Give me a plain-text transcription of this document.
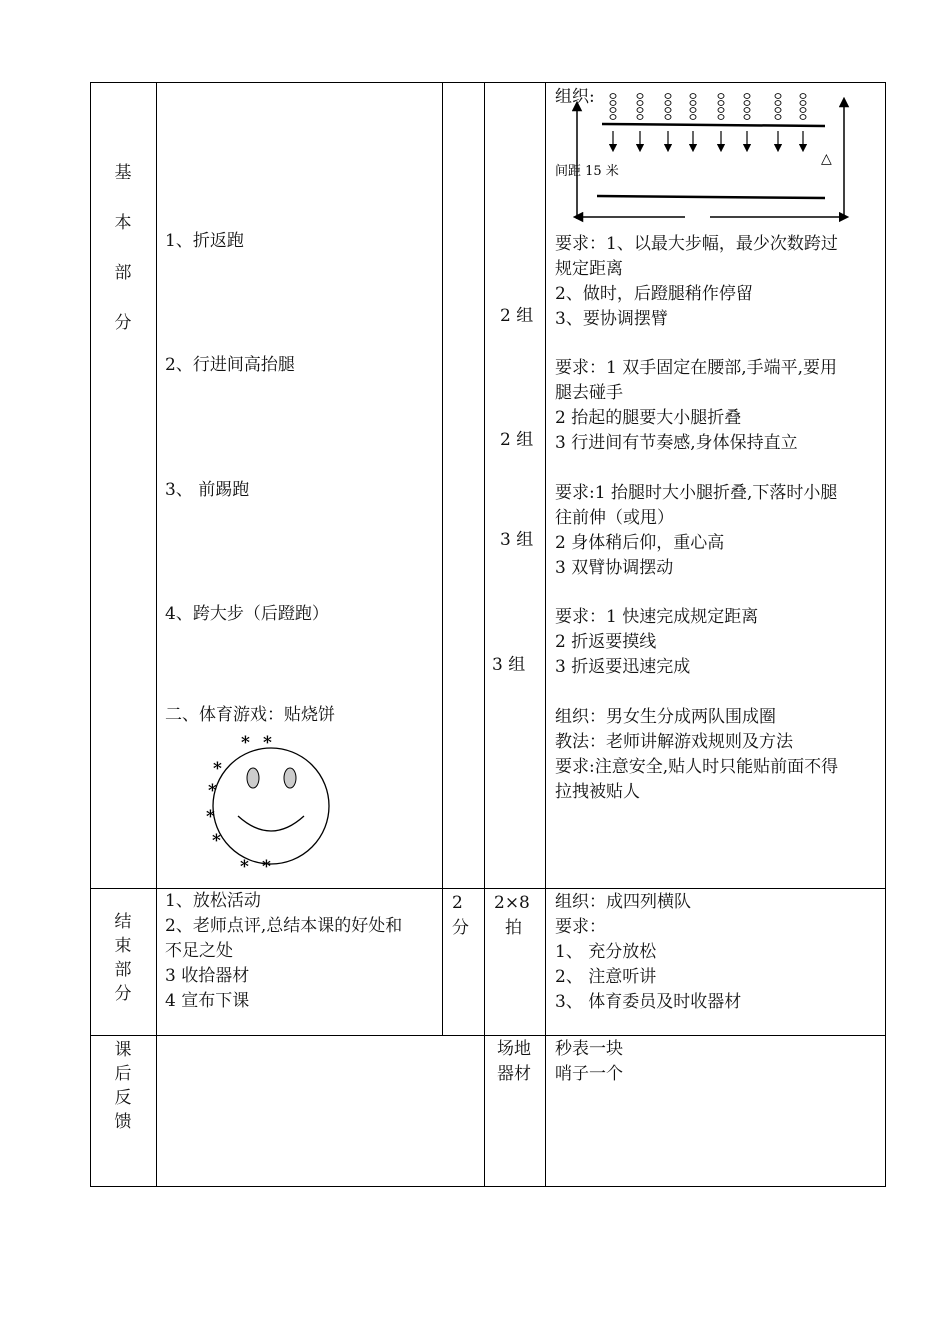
基
本
部
分
1、折返跑
2、行进间高抬腿
3、 前踢跑
4、跨大步（后蹬跑）
二、体育游戏：贴烧饼
* *
*
*
*
*
* *
2 组
2 组
3 组
3 组
组织:
间距 15 米
△
要求：1、以最大步幅，最少次数跨过
规定距离
2、做时，后蹬腿稍作停留
3、要协调摆臂
要求：1 双手固定在腰部,手端平,要用
腿去碰手
2 抬起的腿要大小腿折叠
3 行进间有节奏感,身体保持直立
要求:1 抬腿时大小腿折叠,下落时小腿
往前伸（或甩）
2 身体稍后仰，重心高
3 双臂协调摆动
要求：1 快速完成规定距离
2 折返要摸线
3 折返要迅速完成
组织：男女生分成两队围成圈
教法：老师讲解游戏规则及方法
要求:注意安全,贴人时只能贴前面不得
拉拽被贴人
结
束
部
分
1、放松活动
2、老师点评,总结本课的好处和
不足之处
3 收拾器材
4 宣布下课
2
分
2×8
拍
组织：成四列横队
要求：
1、 充分放松
2、 注意听讲
3、 体育委员及时收器材
课
后
反
馈
场地
器材
秒表一块
哨子一个
